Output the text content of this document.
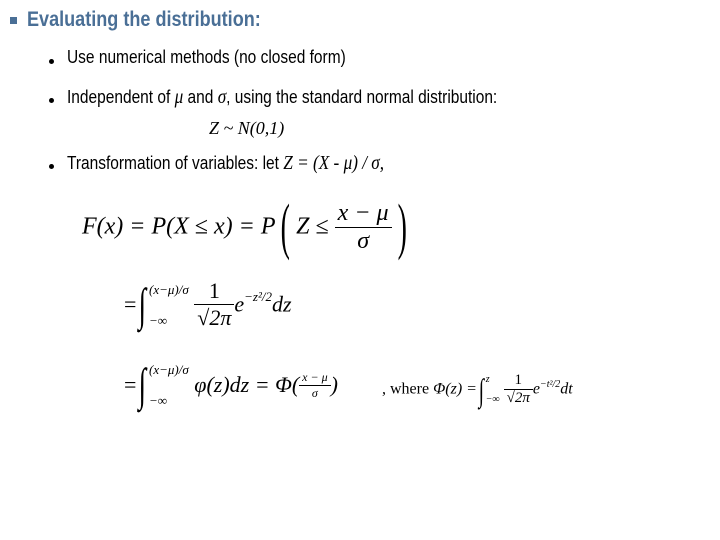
Evaluating the distribution:
Use numerical methods (no closed form)
Independent of μ and σ, using the standard normal distribution:
Z ~ N(0,1)
Transformation of variables: let Z = (X - μ) / σ,
F(x) = P(X ≤ x) = P( $Z \le \frac{x - \mu}{\sigma}$ )
=∫ (x−μ)/σ
−∞
	$\frac{1}{√2\pi} e^{-z^2/2}dz$
=∫ (x−μ)/σ
−∞
$\varphi(z)dz = \Phi( \frac{x - \mu}{\sigma}$ )	, where Φ(z) =∫ z
−∞
$\frac{1}{√2\pi} e^{-t^2/2}dt$
